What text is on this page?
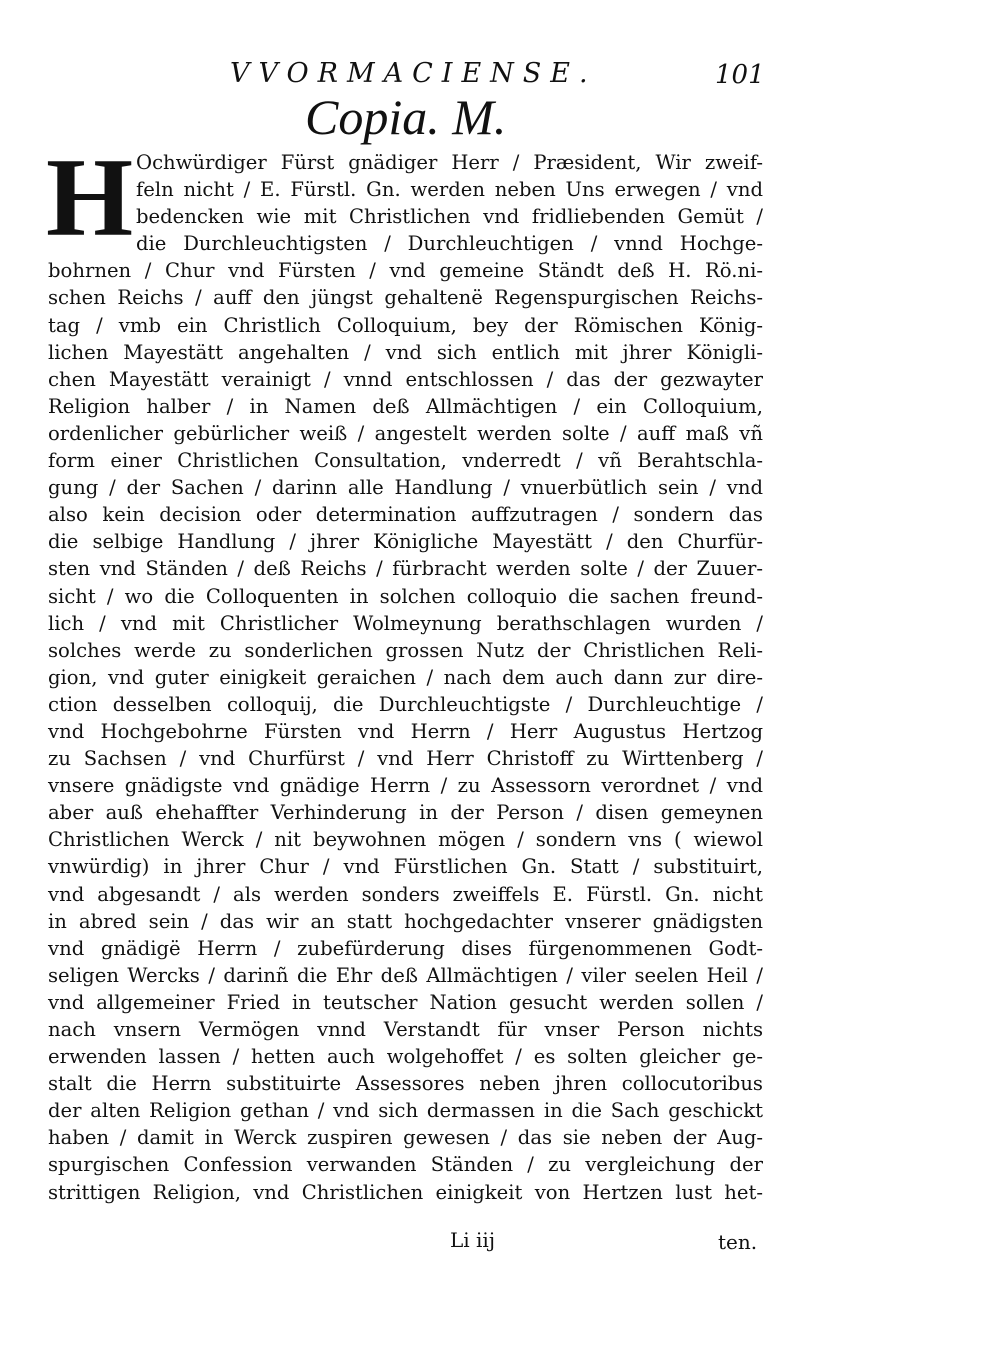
VVORMACIENSE.	101
Copia. M.
H Ochwürdiger Fürst gnädiger Herr / Præsident, Wir zweif-
feln nicht / E. Fürstl. Gn. werden neben Uns erwegen / vnd
bedencken wie mit Christlichen vnd fridliebenden Gemüt /
die Durchleuchtigsten / Durchleuchtigen / vnnd Hochge-
bohrnen / Chur vnd Fürsten / vnd gemeine Ständt deß H. Rö.ni-
schen Reichs / auff den jüngst gehaltenë Regenspurgischen Reichs-
tag / vmb ein Christlich Colloquium, bey der Römischen König-
lichen Mayestätt angehalten / vnd sich entlich mit jhrer Königli-
chen Mayestätt verainigt / vnnd entschlossen / das der gezwayter
Religion halber / in Namen deß Allmächtigen / ein Colloquium,
ordenlicher gebürlicher weiß / angestelt werden solte / auff maß vñ
form einer Christlichen Consultation, vnderredt / vñ Berahtschla-
gung / der Sachen / darinn alle Handlung / vnuerbütlich sein / vnd
also kein decision oder determination auffzutragen / sondern das
die selbige Handlung / jhrer Königliche Mayestätt / den Churfür-
sten vnd Ständen / deß Reichs / fürbracht werden solte / der Zuuer-
sicht / wo die Colloquenten in solchen colloquio die sachen freund-
lich / vnd mit Christlicher Wolmeynung berathschlagen wurden /
solches werde zu sonderlichen grossen Nutz der Christlichen Reli-
gion, vnd guter einigkeit geraichen / nach dem auch dann zur dire-
ction desselben colloquij, die Durchleuchtigste / Durchleuchtige /
vnd Hochgebohrne Fürsten vnd Herrn / Herr Augustus Hertzog
zu Sachsen / vnd Churfürst / vnd Herr Christoff zu Wirttenberg /
vnsere gnädigste vnd gnädige Herrn / zu Assessorn verordnet / vnd
aber auß ehehaffter Verhinderung in der Person / disen gemeynen
Christlichen Werck / nit beywohnen mögen / sondern vns ( wiewol
vnwürdig) in jhrer Chur / vnd Fürstlichen Gn. Statt / substituirt,
vnd abgesandt / als werden sonders zweiffels E. Fürstl. Gn. nicht
in abred sein / das wir an statt hochgedachter vnserer gnädigsten
vnd gnädigë Herrn / zubefürderung dises fürgenommenen Godt-
seligen Wercks / darinñ die Ehr deß Allmächtigen / viler seelen Heil /
vnd allgemeiner Fried in teutscher Nation gesucht werden sollen /
nach vnsern Vermögen vnnd Verstandt für vnser Person nichts
erwenden lassen / hetten auch wolgehoffet / es solten gleicher ge-
stalt die Herrn substituirte Assessores neben jhren collocutoribus
der alten Religion gethan / vnd sich dermassen in die Sach geschickt
haben / damit in Werck zuspiren gewesen / das sie neben der Aug-
spurgischen Confession verwanden Ständen / zu vergleichung der
strittigen Religion, vnd Christlichen einigkeit von Hertzen lust het-
Li iij	ten.
